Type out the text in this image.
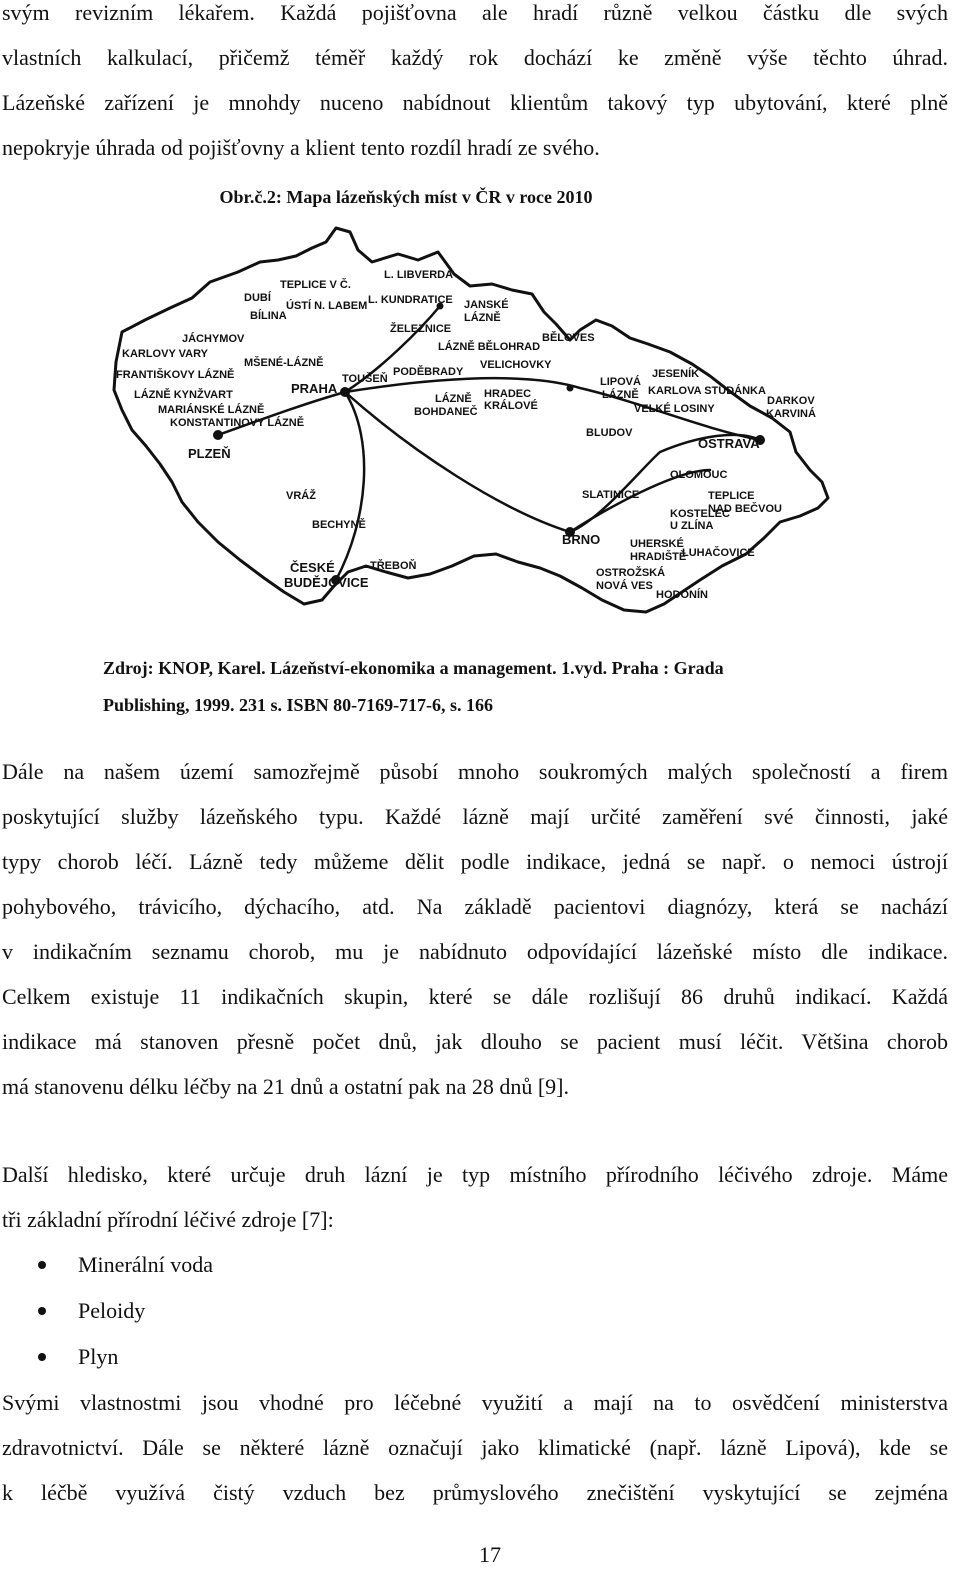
svým revizním lékařem. Každá pojišťovna ale hradí různě velkou částku dle svých
vlastních kalkulací, přičemž téměř každý rok dochází ke změně výše těchto úhrad.
Lázeňské zařízení je mnohdy nuceno nabídnout klientům takový typ ubytování, které plně
nepokryje úhrada od pojišťovny a klient tento rozdíl hradí ze svého.
Obr.č.2: Mapa lázeňských míst v ČR v roce 2010
L. LIBVERDA
TEPLICE V Č.
DUBÍ
ÚSTÍ N. LABEM L. KUNDRATICE JANSKÉ
LÁZNĚ
BÍLINA
ŽELEZNICE
JÁCHYMOV
LÁZNĚ BĚLOHRAD
BĚLOVES
KARLOVY VARY
MŠENÉ-LÁZNĚ	VELICHOVKY
FRANTIŠKOVY LÁZNĚ	PODĚBRADY
TOUŠEŇ
LÁZNĚ KYNŽVART	PRAHA	HRADEC
KRÁLOVÉ
LÁZNĚ
BOHDANEČ
MARIÁNSKÉ LÁZNĚ
KONSTANTINOVY LÁZNĚ
LIPOVÁ
LÁZNĚ
JESENÍK
KARLOVA STUDÁNKA
VELKÉ LOSINY
DARKOV
KARVINÁ
BLUDOV
OSTRAVA
PLZEŇ
OLOMOUC
SLATINICE	TEPLICE
NAD BEČVOU
VRÁŽ
BECHYNĚ
KOSTELEC
U ZLÍNA
BRNO	UHERSKÉ
HRADIŠTĚ
LUHAČOVICE
ČESKÉ
BUDĚJOVICE
TŘEBOŇ
OSTROŽSKÁ
NOVÁ VES
HODONÍN
Zdroj: KNOP, Karel. Lázeňství-ekonomika a management. 1.vyd. Praha : Grada
Publishing, 1999. 231 s. ISBN 80-7169-717-6, s. 166
Dále na našem území samozřejmě působí mnoho soukromých malých společností a firem
poskytující služby lázeňského typu. Každé lázně mají určité zaměření své činnosti, jaké
typy chorob léčí. Lázně tedy můžeme dělit podle indikace, jedná se např. o nemoci ústrojí
pohybového, trávicího, dýchacího, atd. Na základě pacientovi diagnózy, která se nachází
v indikačním seznamu chorob, mu je nabídnuto odpovídající lázeňské místo dle indikace.
Celkem existuje 11 indikačních skupin, které se dále rozlišují 86 druhů indikací. Každá
indikace má stanoven přesně počet dnů, jak dlouho se pacient musí léčit. Většina chorob
má stanovenu délku léčby na 21 dnů a ostatní pak na 28 dnů [9].
Další hledisko, které určuje druh lázní je typ místního přírodního léčivého zdroje. Máme
tři základní přírodní léčivé zdroje [7]:
Minerální voda
Peloidy
Plyn
Svými vlastnostmi jsou vhodné pro léčebné využití a mají na to osvědčení ministerstva
zdravotnictví. Dále se některé lázně označují jako klimatické (např. lázně Lipová), kde se
k léčbě využívá čistý vzduch bez průmyslového znečištění vyskytující se zejména
17
